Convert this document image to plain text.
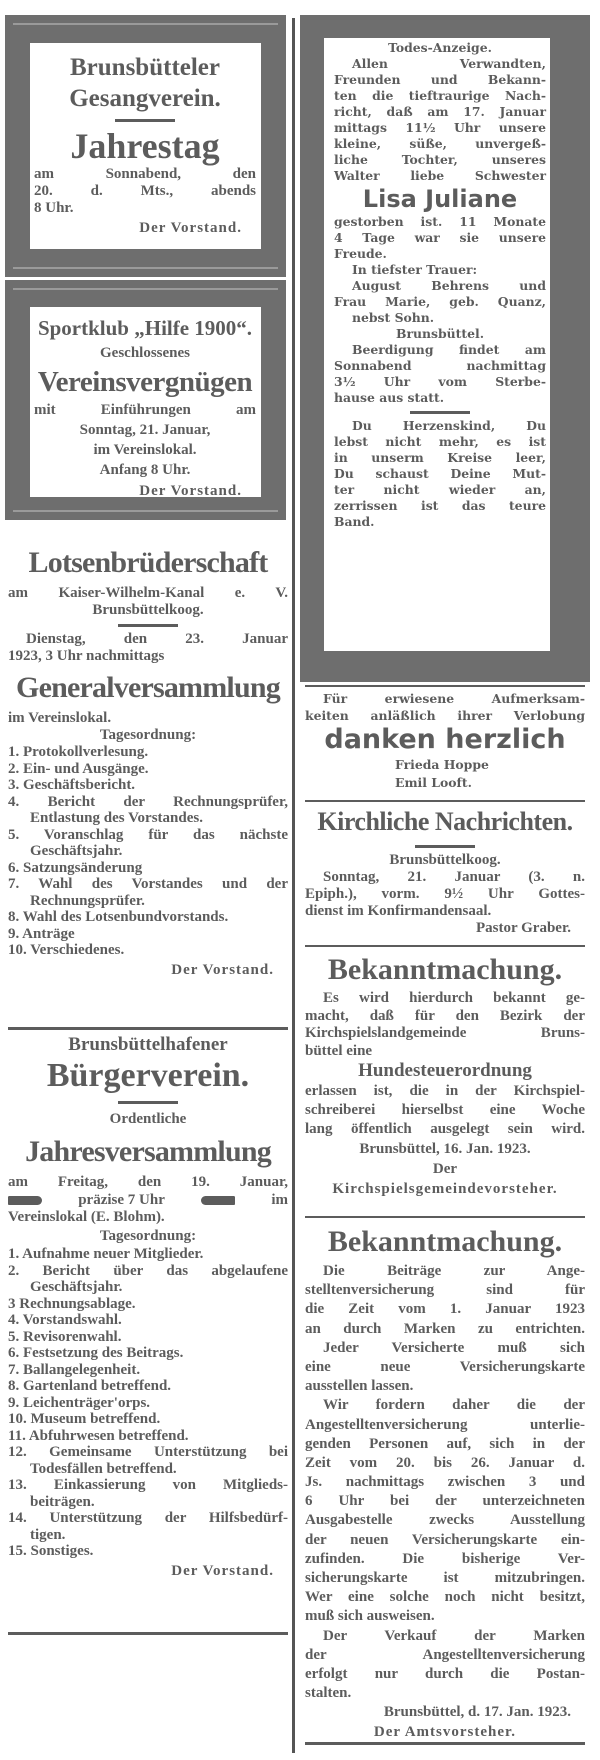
Brunsbütteler
Gesangverein.
Jahrestag
am Sonnabend, den
20. d. Mts., abends
8 Uhr.
Der Vorstand.
Sportklub „Hilfe 1900“.
Geschlossenes
Vereinsvergnügen
mit Einführungen am
Sonntag, 21. Januar,
im Vereinslokal.
Anfang 8 Uhr.
Der Vorstand.
Lotsenbrüderschaft
am Kaiser-Wilhelm-Kanal e. V.
Brunsbüttelkoog.
Dienstag, den 23. Januar
1923, 3 Uhr nachmittags
Generalversammlung
im Vereinslokal.
Tagesordnung:
1. Protokollverlesung.
2. Ein- und Ausgänge.
3. Geschäftsbericht.
4. Bericht der Rechnungsprüfer,
Entlastung des Vorstandes.
5. Voranschlag für das nächste
Geschäftsjahr.
6. Satzungsänderung
7. Wahl des Vorstandes und der
Rechnungsprüfer.
8. Wahl des Lotsenbundvorstands.
9. Anträge
10. Verschiedenes.
Der Vorstand.
Brunsbüttelhafener
Bürgerverein.
Ordentliche
Jahresversammlung
am Freitag, den 19. Januar,
präzise 7 Uhr	im
Vereinslokal (E. Blohm).
Tagesordnung:
1. Aufnahme neuer Mitglieder.
2. Bericht über das abgelaufene
Geschäftsjahr.
3 Rechnungsablage.
4. Vorstandswahl.
5. Revisorenwahl.
6. Festsetzung des Beitrags.
7. Ballangelegenheit.
8. Gartenland betreffend.
9. Leichenträger'orps.
10. Museum betreffend.
11. Abfuhrwesen betreffend.
12. Gemeinsame Unterstützung bei
Todesfällen betreffend.
13. Einkassierung von Mitglieds-
beiträgen.
14. Unterstützung der Hilfsbedürf-
tigen.
15. Sonstiges.
Der Vorstand.
Todes-Anzeige.
Allen Verwandten,
Freunden und Bekann-
ten die tieftraurige Nach-
richt, daß am 17. Januar
mittags 11½ Uhr unsere
kleine, süße, unvergeß-
liche Tochter, unseres
Walter liebe Schwester
Lisa Juliane
gestorben ist. 11 Monate
4 Tage war sie unsere
Freude.
In tiefster Trauer:
August Behrens und
Frau Marie, geb. Quanz,
nebst Sohn.
Brunsbüttel.
Beerdigung findet am
Sonnabend nachmittag
3½ Uhr vom Sterbe-
hause aus statt.
Du Herzenskind, Du
lebst nicht mehr, es ist
in unserm Kreise leer,
Du schaust Deine Mut-
ter nicht wieder an,
zerrissen ist das teure
Band.
Für erwiesene Aufmerksam-
keiten anläßlich ihrer Verlobung
danken herzlich
Frieda Hoppe
Emil Looft.
Kirchliche Nachrichten.
Brunsbüttelkoog.
Sonntag, 21. Januar (3. n.
Epiph.), vorm. 9½ Uhr Gottes-
dienst im Konfirmandensaal.
Pastor Graber.
Bekanntmachung.
Es wird hierdurch bekannt ge-
macht, daß für den Bezirk der
Kirchspielslandgemeinde Bruns-
büttel eine
Hundesteuerordnung
erlassen ist, die in der Kirchspiel-
schreiberei hierselbst eine Woche
lang öffentlich ausgelegt sein wird.
Brunsbüttel, 16. Jan. 1923.
Der
Kirchspielsgemeindevorsteher.
Bekanntmachung.
Die Beiträge zur Ange-
stelltenversicherung sind für
die Zeit vom 1. Januar 1923
an durch Marken zu entrichten.
Jeder Versicherte muß sich
eine neue Versicherungskarte
ausstellen lassen.
Wir fordern daher die der
Angestelltenversicherung unterlie-
genden Personen auf, sich in der
Zeit vom 20. bis 26. Januar d.
Js. nachmittags zwischen 3 und
6 Uhr bei der unterzeichneten
Ausgabestelle zwecks Ausstellung
der neuen Versicherungskarte ein-
zufinden. Die bisherige Ver-
sicherungskarte ist mitzubringen.
Wer eine solche noch nicht besitzt,
muß sich ausweisen.
Der Verkauf der Marken
der Angestelltenversicherung
erfolgt nur durch die Postan-
stalten.
Brunsbüttel, d. 17. Jan. 1923.
Der Amtsvorsteher.
